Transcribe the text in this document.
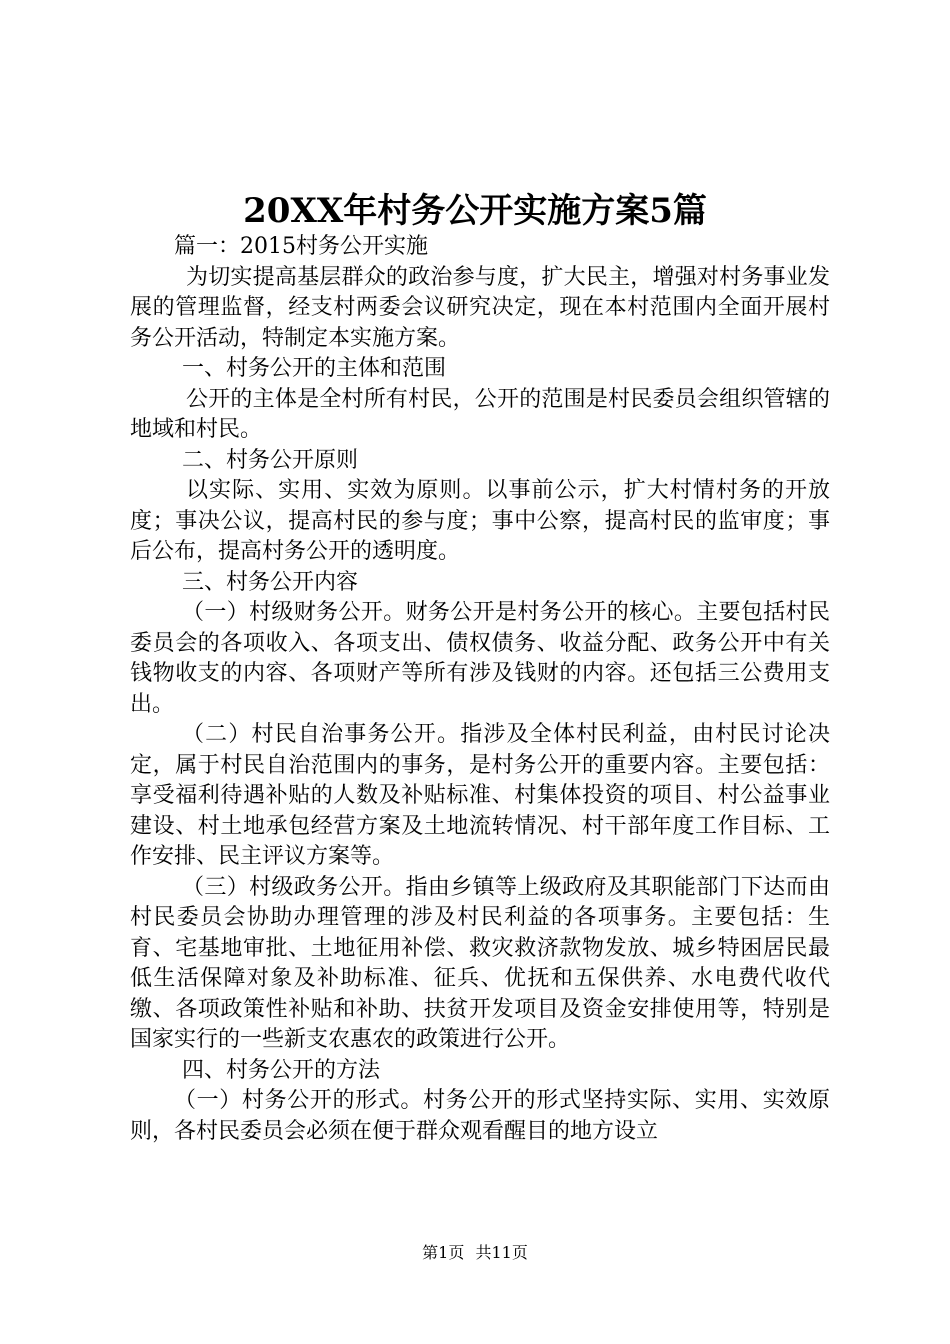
20XX年村务公开实施方案5篇

篇一：2015村务公开实施

为切实提高基层群众的政治参与度，扩大民主，增强对村务事业发展的管理监督，经支村两委会议研究决定，现在本村范围内全面开展村务公开活动，特制定本实施方案。

一、村务公开的主体和范围

公开的主体是全村所有村民，公开的范围是村民委员会组织管辖的地域和村民。

二、村务公开原则

以实际、实用、实效为原则。以事前公示，扩大村情村务的开放度；事决公议，提高村民的参与度；事中公察，提高村民的监审度；事后公布，提高村务公开的透明度。

三、村务公开内容

（一）村级财务公开。财务公开是村务公开的核心。主要包括村民委员会的各项收入、各项支出、债权债务、收益分配、政务公开中有关钱物收支的内容、各项财产等所有涉及钱财的内容。还包括三公费用支出。

（二）村民自治事务公开。指涉及全体村民利益，由村民讨论决定，属于村民自治范围内的事务，是村务公开的重要内容。主要包括：享受福利待遇补贴的人数及补贴标准、村集体投资的项目、村公益事业建设、村土地承包经营方案及土地流转情况、村干部年度工作目标、工作安排、民主评议方案等。

（三）村级政务公开。指由乡镇等上级政府及其职能部门下达而由村民委员会协助办理管理的涉及村民利益的各项事务。主要包括：生育、宅基地审批、土地征用补偿、救灾救济款物发放、城乡特困居民最低生活保障对象及补助标准、征兵、优抚和五保供养、水电费代收代缴、各项政策性补贴和补助、扶贫开发项目及资金安排使用等，特别是国家实行的一些新支农惠农的政策进行公开。

四、村务公开的方法

（一）村务公开的形式。村务公开的形式坚持实际、实用、实效原则，各村民委员会必须在便于群众观看醒目的地方设立

第1页 共11页
